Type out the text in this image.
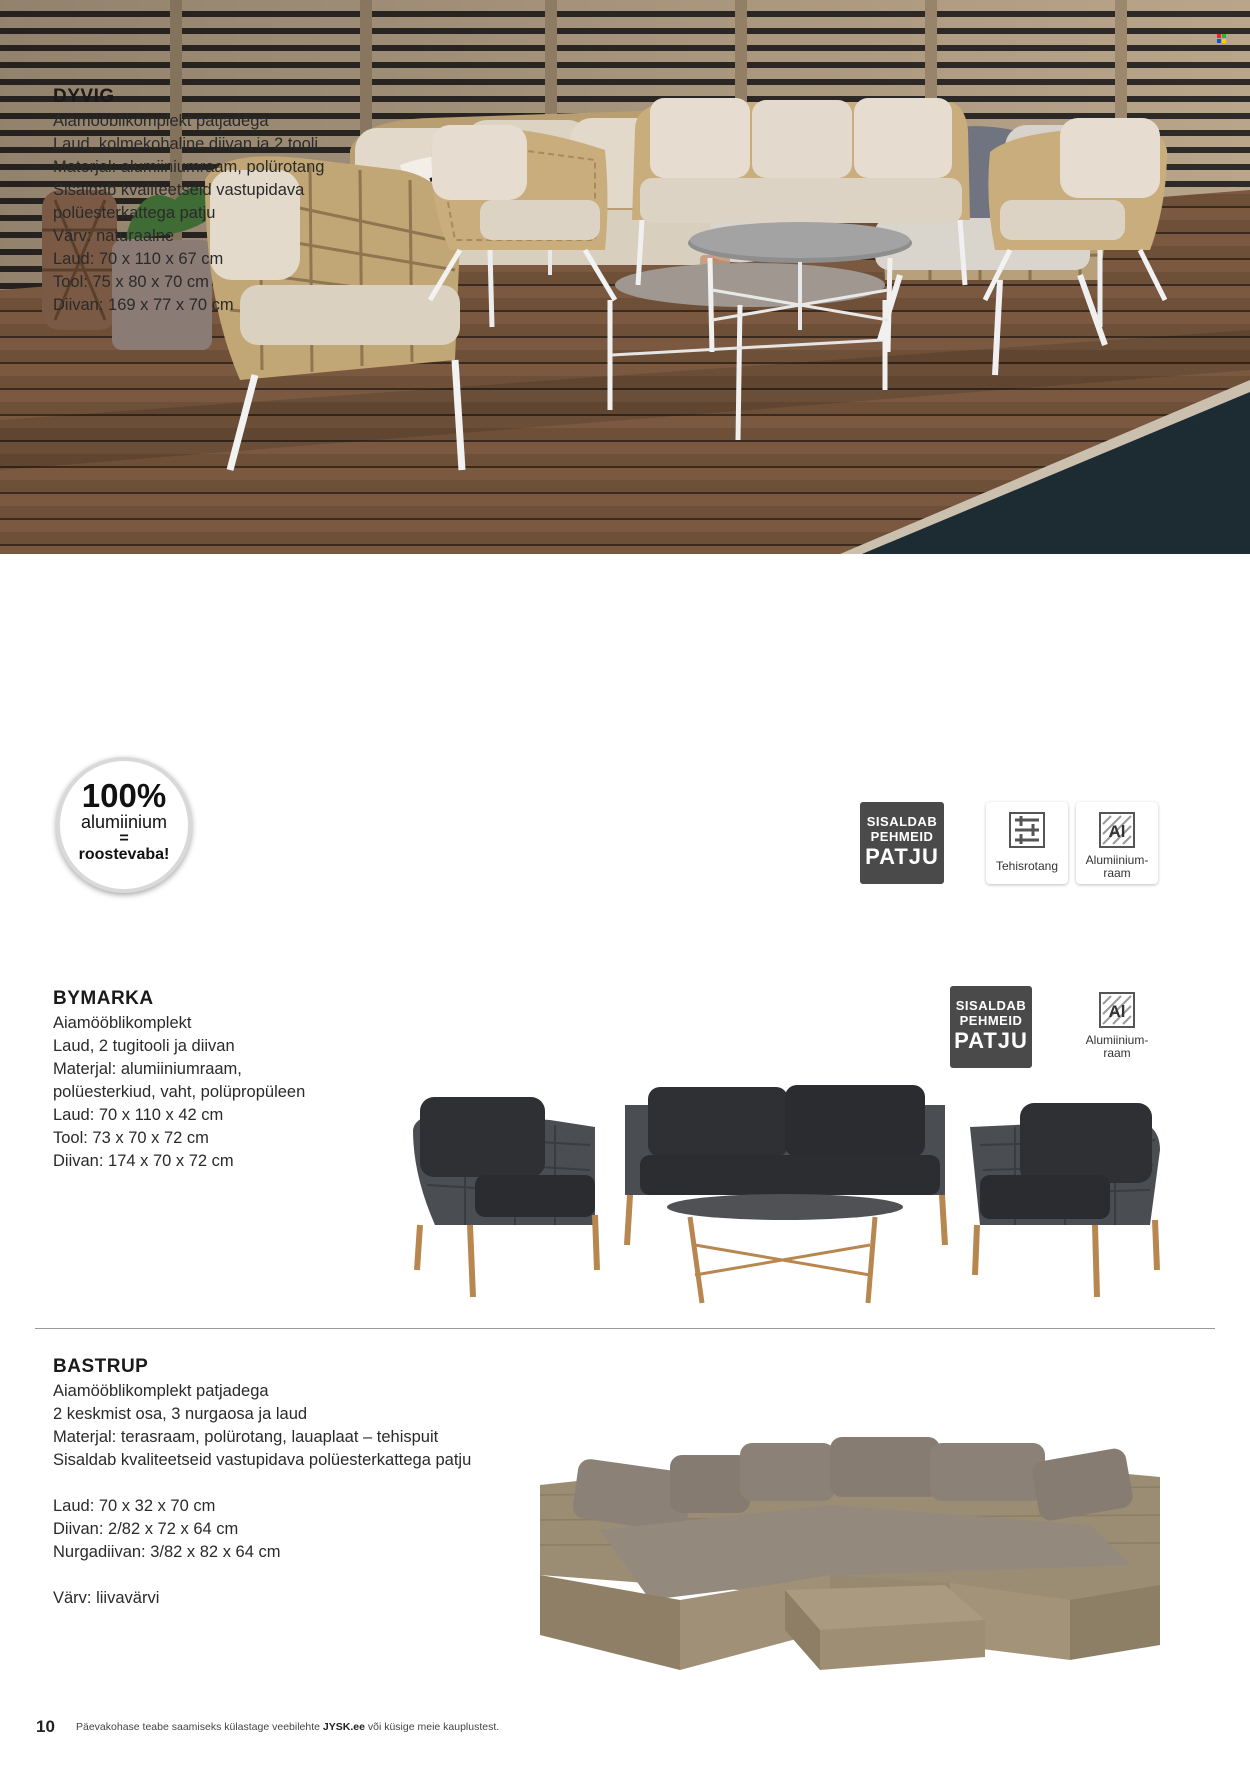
DYVIG
Aiamööblikomplekt patjadega
Laud, kolmekohaline diivan ja 2 tooli
Materjal: alumiiniumraam, polürotang
Sisaldab kvaliteetseid vastupidava
polüesterkattega patju
Värv: naturaalne
Laud: 70 x 110 x 67 cm
Tool: 75 x 80 x 70 cm
Diivan: 169 x 77 x 70 cm
100%
alumiinium
=
roostevaba!
SISALDAB
PEHMEID
PATJU	Tehisrotang
Al
Alumiinium-
raam
BYMARKA
Aiamööblikomplekt
Laud, 2 tugitooli ja diivan
Materjal: alumiiniumraam,
polüesterkiud, vaht, polüpropüleen
Laud: 70 x 110 x 42 cm
Tool: 73 x 70 x 72 cm
Diivan: 174 x 70 x 72 cm
SISALDAB
PEHMEID
PATJU
Al
Alumiinium-
raam
BASTRUP
Aiamööblikomplekt patjadega
2 keskmist osa, 3 nurgaosa ja laud
Materjal: terasraam, polürotang, lauaplaat – tehispuit
Sisaldab kvaliteetseid vastupidava polüesterkattega patju
Laud: 70 x 32 x 70 cm
Diivan: 2/82 x 72 x 64 cm
Nurgadiivan: 3/82 x 82 x 64 cm
Värv: liivavärvi
10 Päevakohase teabe saamiseks külastage veebilehte JYSK.ee või küsige meie kauplustest.
